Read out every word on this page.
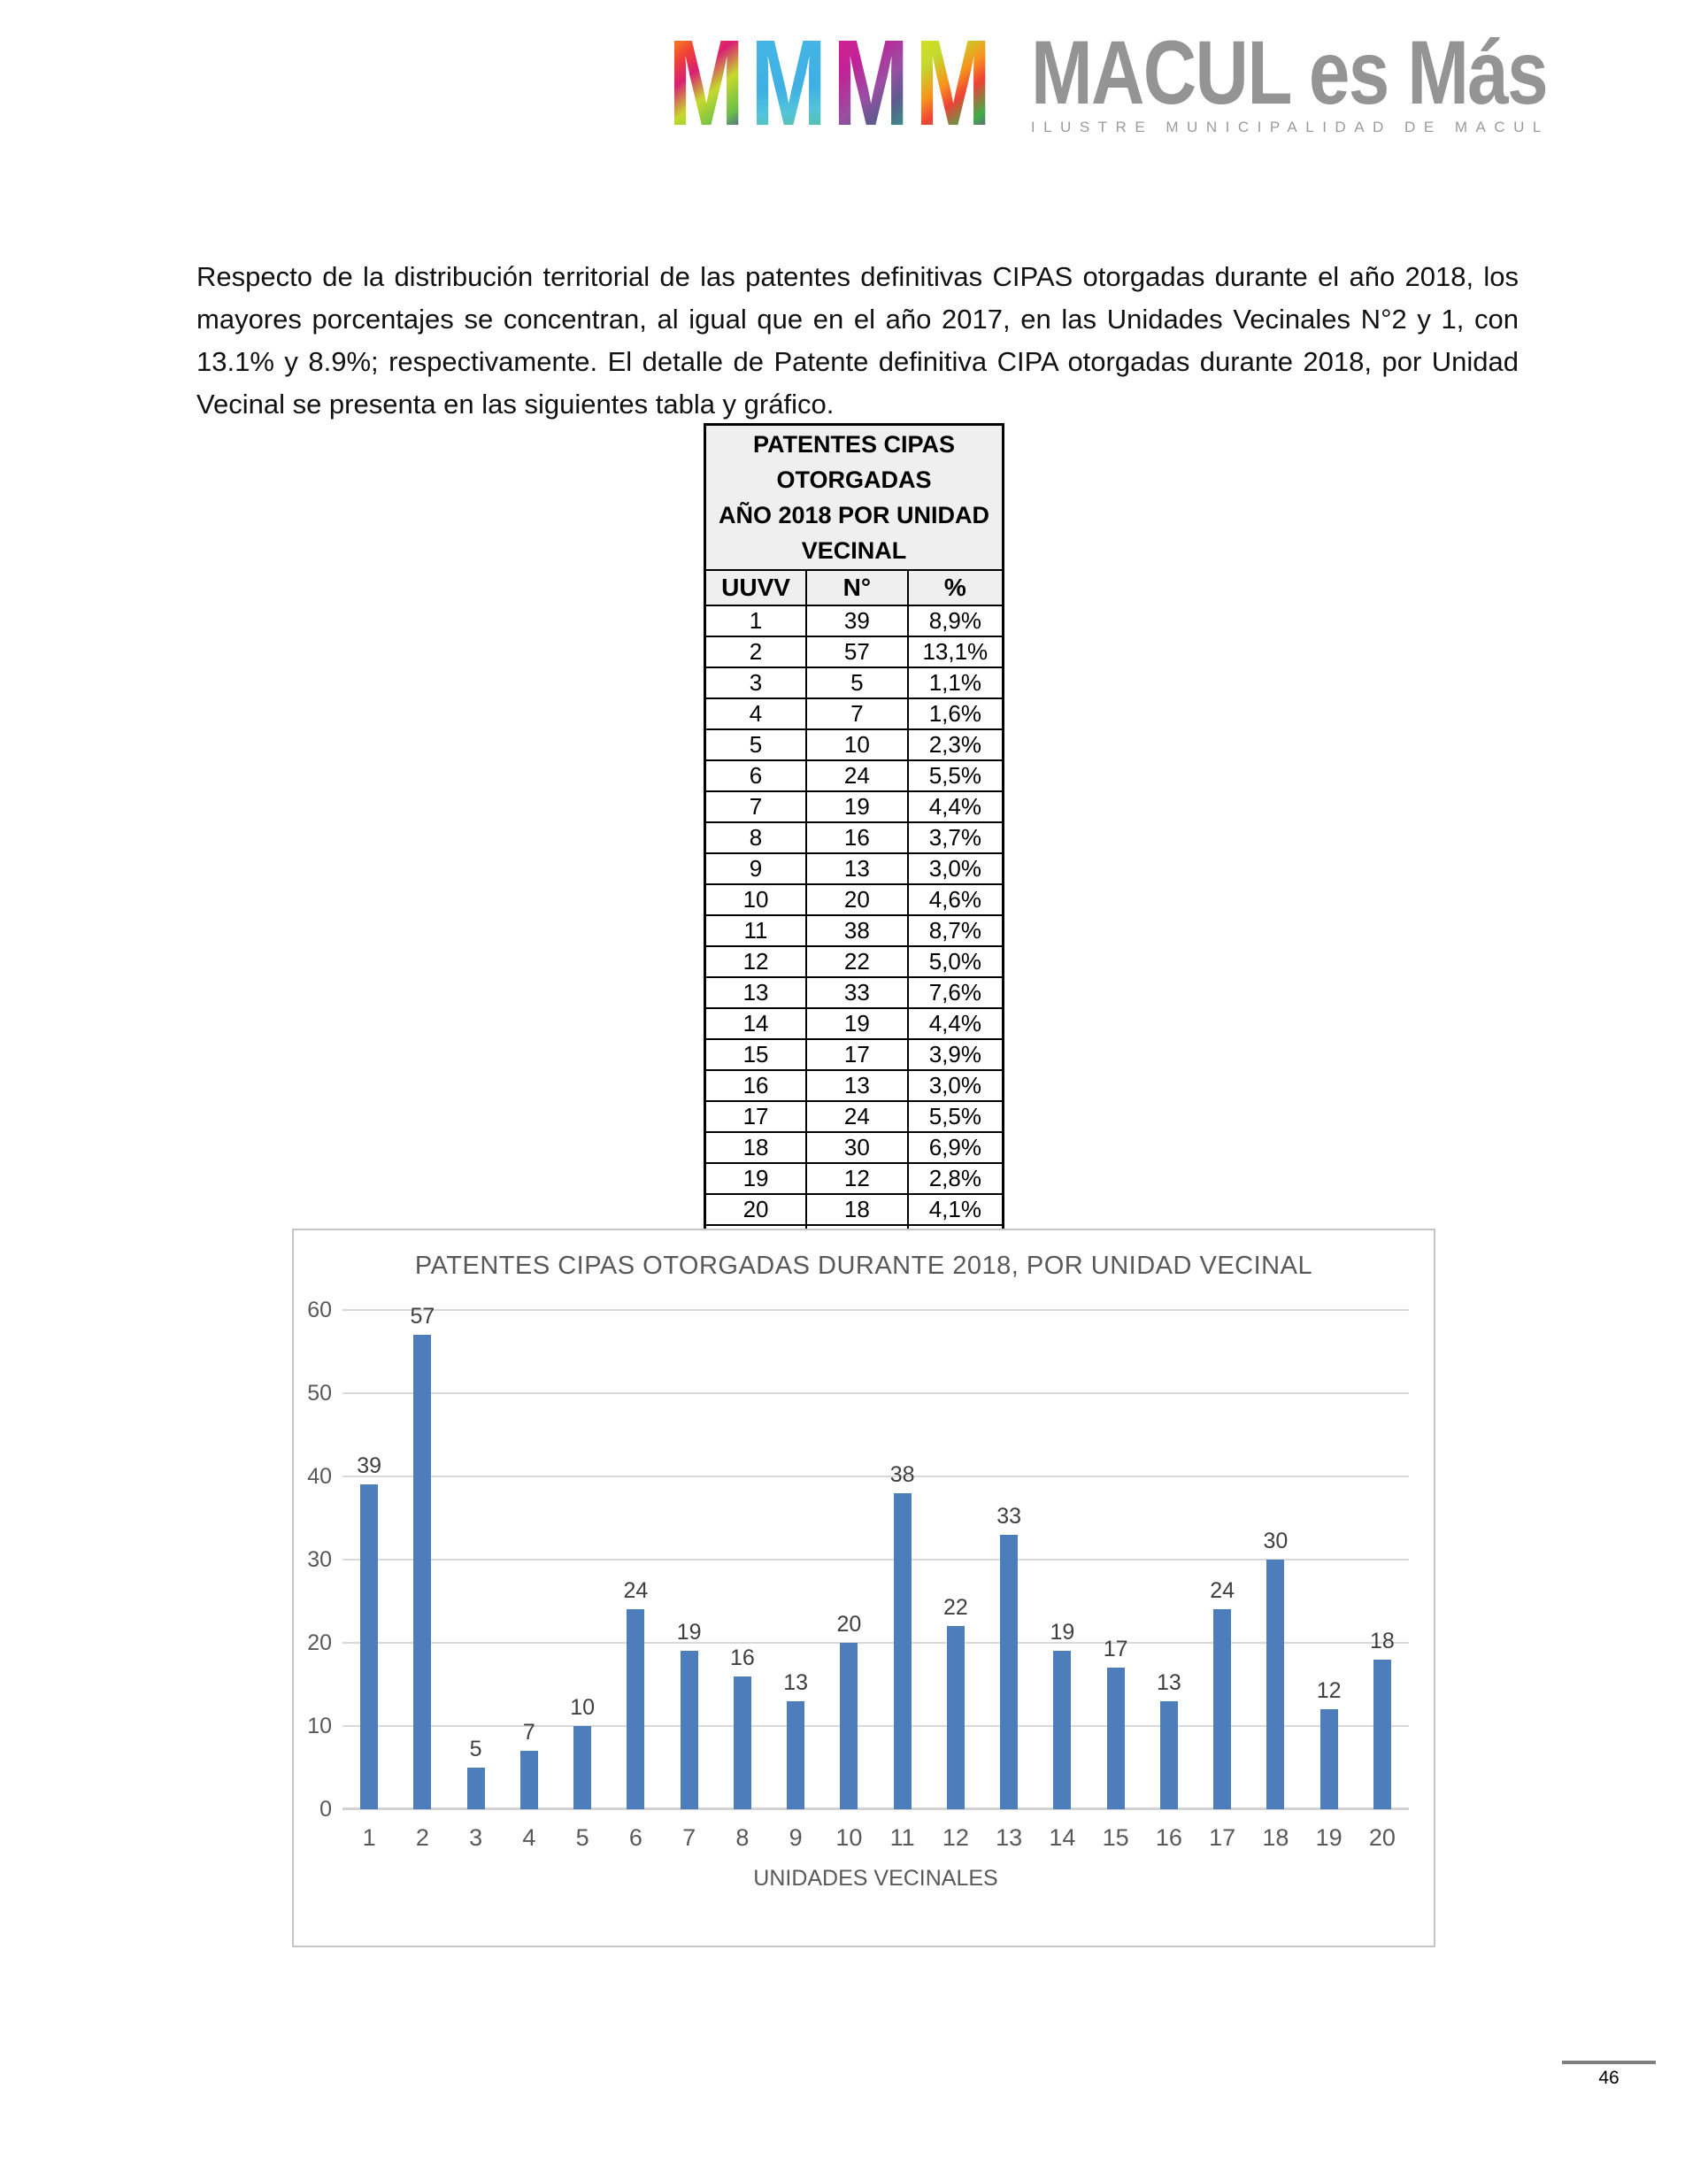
M M M M MACUL es Más
ILUSTRE MUNICIPALIDAD DE MACUL

Respecto de la distribución territorial de las patentes definitivas CIPAS otorgadas durante el año 2018, los mayores porcentajes se concentran, al igual que en el año 2017, en las Unidades Vecinales N°2 y 1, con 13.1% y 8.9%; respectivamente. El detalle de Patente definitiva CIPA otorgadas durante 2018, por Unidad Vecinal se presenta en las siguientes tabla y gráfico.

PATENTES CIPAS OTORGADAS
AÑO 2018 POR UNIDAD VECINAL		
UUVV	N°	%
1	39	8,9%
2	57	13,1%
3	5	1,1%
4	7	1,6%
5	10	2,3%
6	24	5,5%
7	19	4,4%
8	16	3,7%
9	13	3,0%
10	20	4,6%
11	38	8,7%
12	22	5,0%
13	33	7,6%
14	19	4,4%
15	17	3,9%
16	13	3,0%
17	24	5,5%
18	30	6,9%
19	12	2,8%
20	18	4,1%

PATENTES CIPAS OTORGADAS DURANTE 2018, POR UNIDAD VECINAL
0
10
20
30
40
50
60
39
1
57
2
5
3
7
4
10
5
24
6
19
7
16
8
13
9
20
10
38
11
22
12
33
13
19
14
17
15
13
16
24
17
30
18
12
19
18
20
UNIDADES VECINALES
46
